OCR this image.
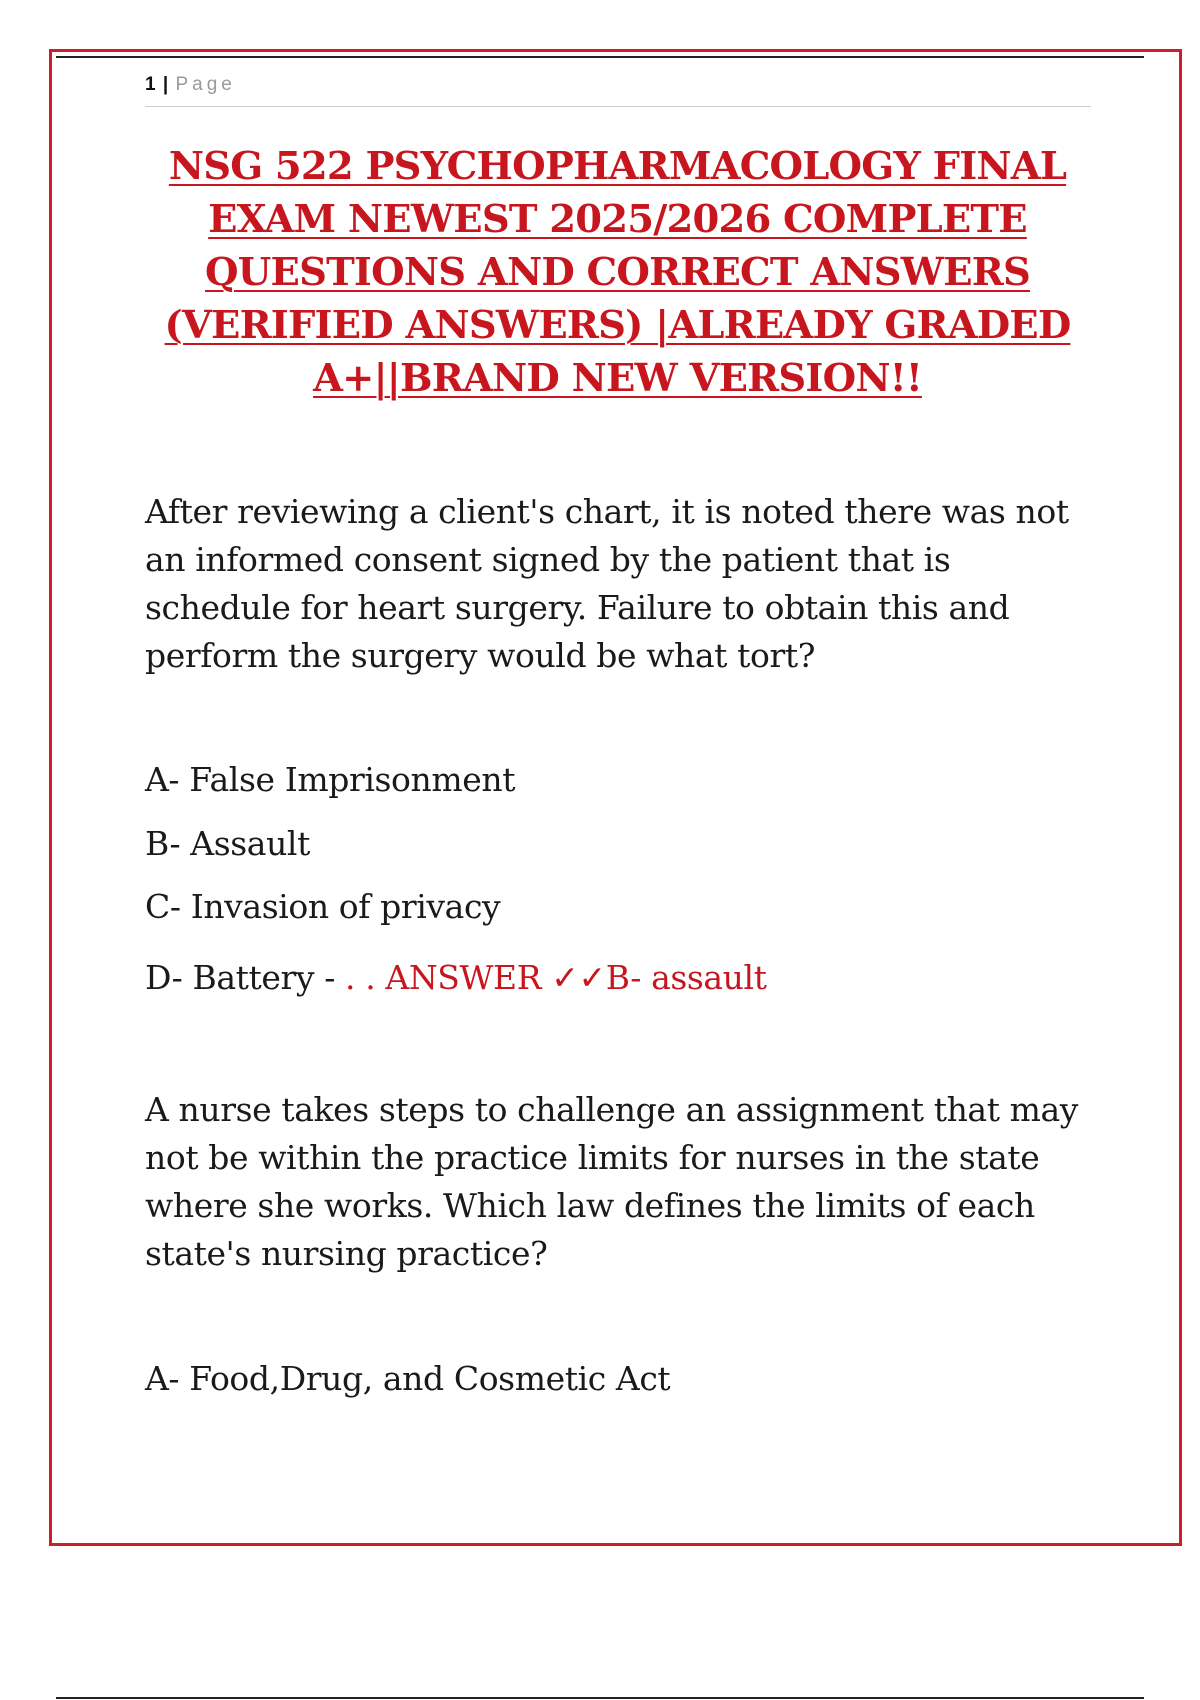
1 | Page
NSG 522 PSYCHOPHARMACOLOGY FINAL EXAM NEWEST 2025/2026 COMPLETE QUESTIONS AND CORRECT ANSWERS (VERIFIED ANSWERS) |ALREADY GRADED A+||BRAND NEW VERSION!!
After reviewing a client's chart, it is noted there was not an informed consent signed by the patient that is schedule for heart surgery. Failure to obtain this and perform the surgery would be what tort?
A- False Imprisonment
B- Assault
C- Invasion of privacy
D- Battery - . . ANSWER ✓✓B- assault
A nurse takes steps to challenge an assignment that may not be within the practice limits for nurses in the state where she works. Which law defines the limits of each state's nursing practice?
A- Food,Drug, and Cosmetic Act
